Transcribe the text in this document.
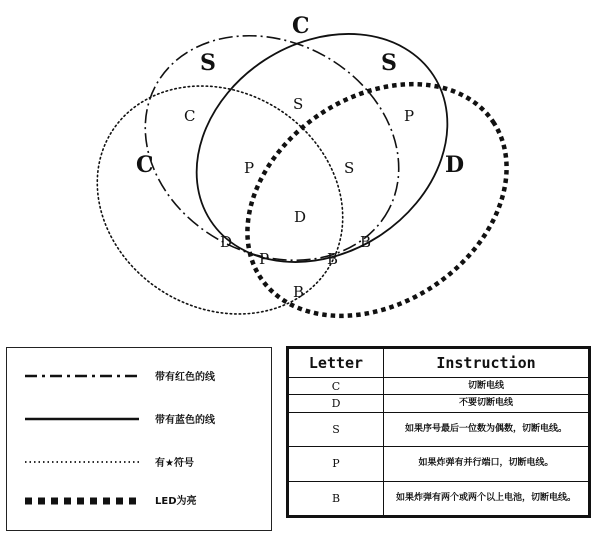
C
S	S
C	D
C
S
P
P	S
D
D	B
P	B
B
带有红色的线
带有蓝色的线
有★符号
LED为亮
Letter	Instruction
C	切断电线
D	不要切断电线
S	如果序号最后一位数为偶数，切断电线。
P	如果炸弹有并行端口，切断电线。
B	如果炸弹有两个或两个以上电池，切断电线。
